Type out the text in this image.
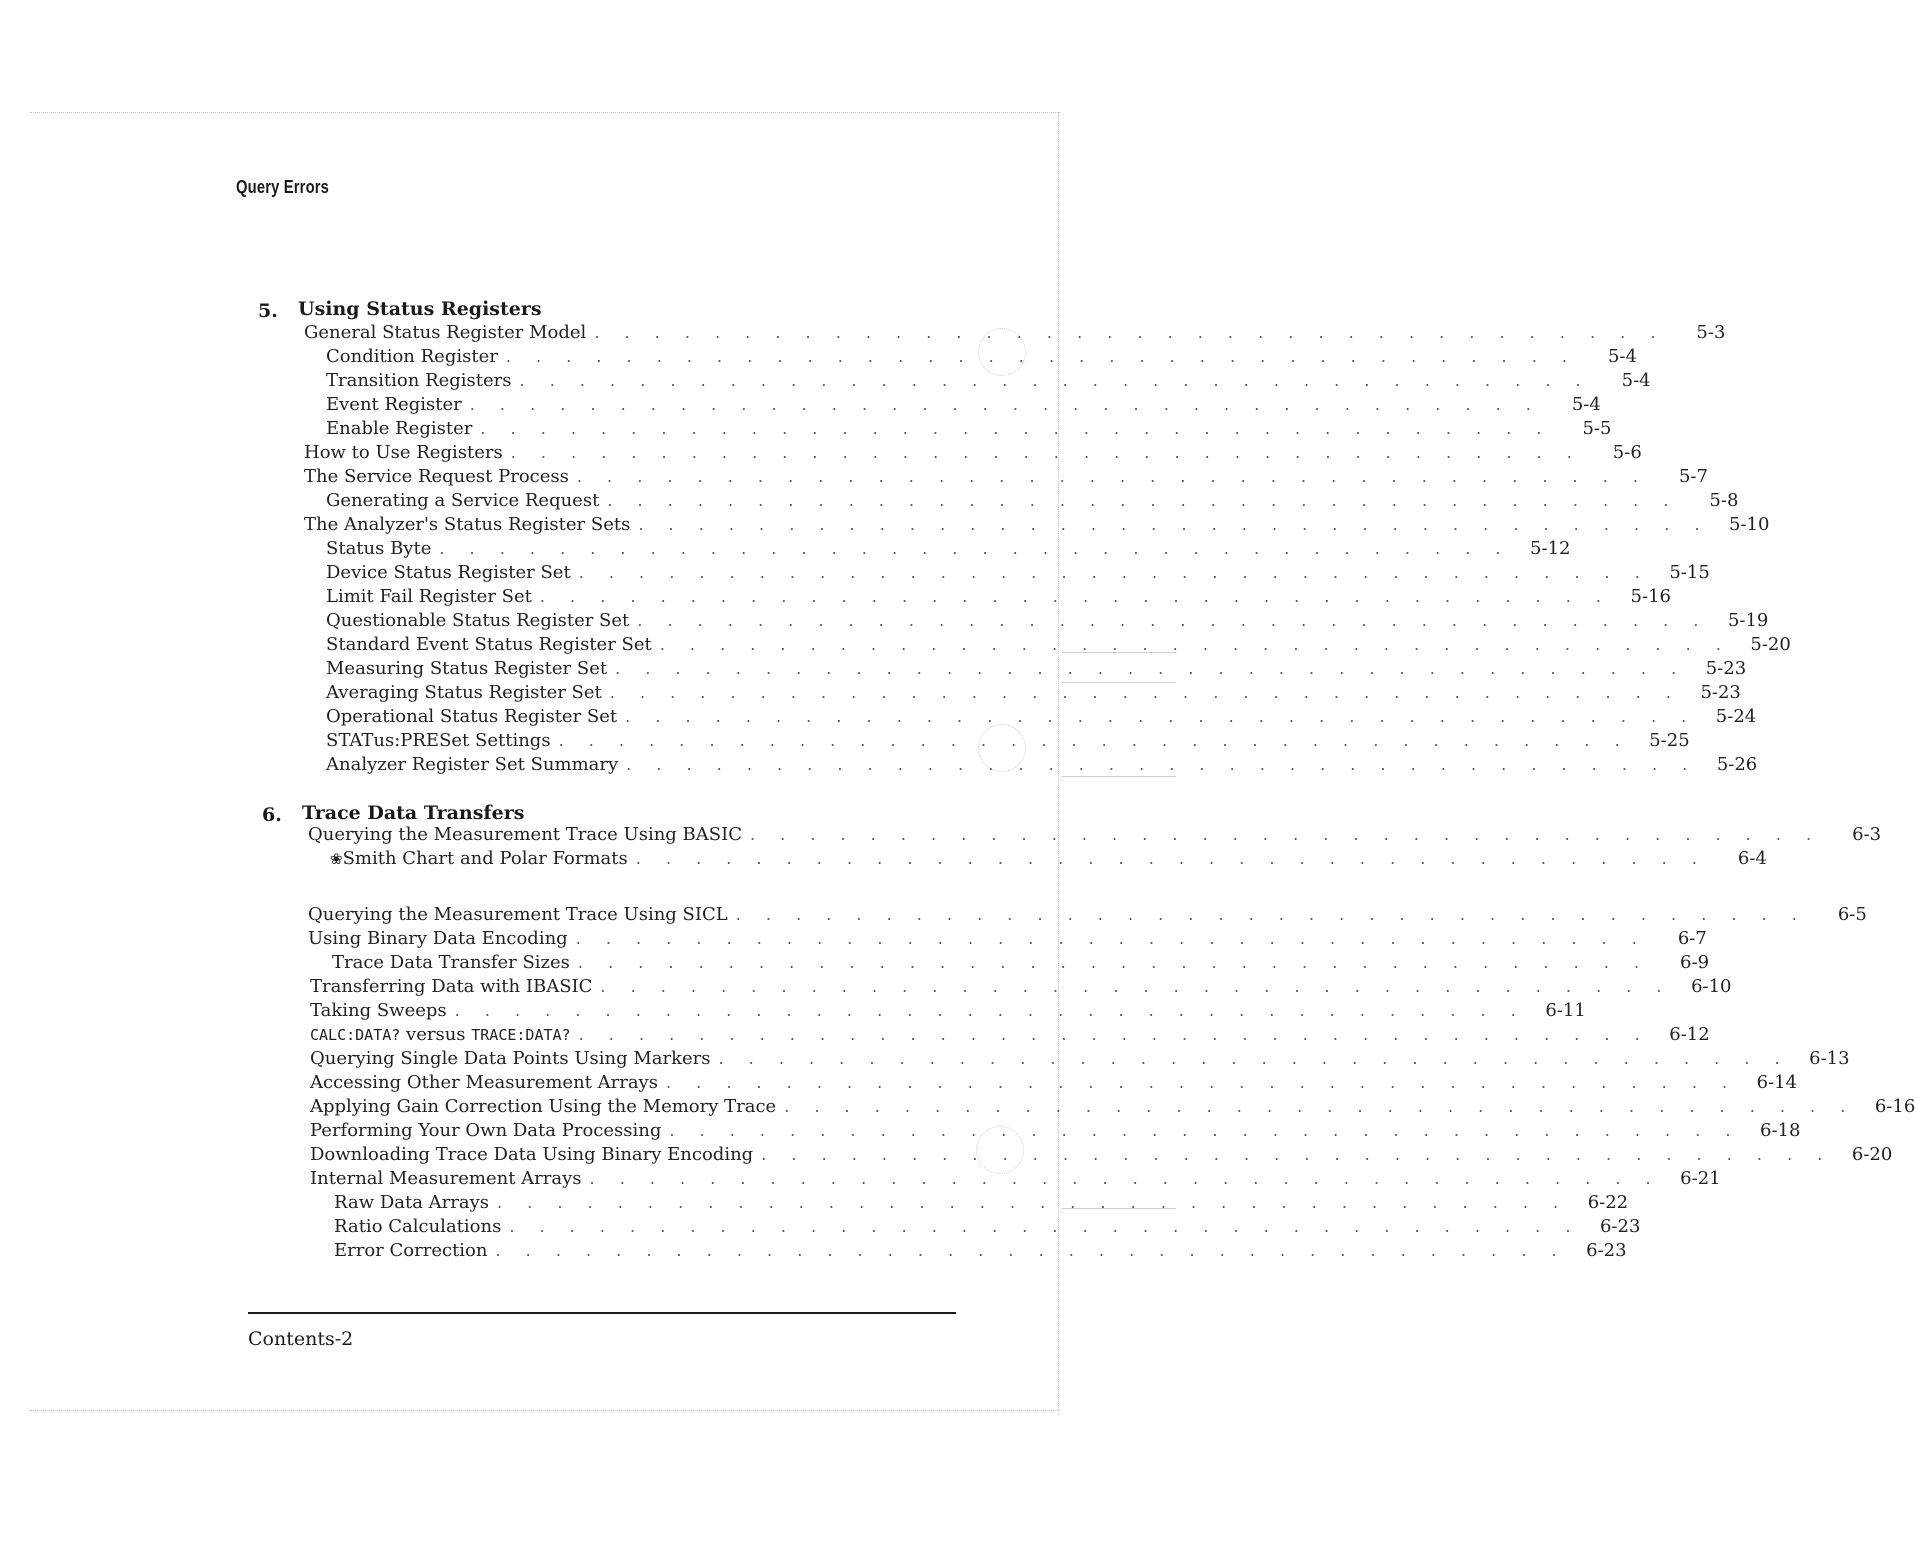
Query Errors
5. Using Status Registers
General Status Register Model . . . . . . . . . . . . . . . . . . . . . . . . . . . . . . . . . . . .	5-3
Condition Register . . . . . . . . . . . . . . . . . . . . . . . . . . . . . . . . . . . .	5-4
Transition Registers . . . . . . . . . . . . . . . . . . . . . . . . . . . . . . . . . . . .	5-4
Event Register . . . . . . . . . . . . . . . . . . . . . . . . . . . . . . . . . . . .	5-4
Enable Register . . . . . . . . . . . . . . . . . . . . . . . . . . . . . . . . . . . .	5-5
How to Use Registers . . . . . . . . . . . . . . . . . . . . . . . . . . . . . . . . . . . .	5-6
The Service Request Process . . . . . . . . . . . . . . . . . . . . . . . . . . . . . . . . . . . .	5-7
Generating a Service Request . . . . . . . . . . . . . . . . . . . . . . . . . . . . . . . . . . . .	5-8
The Analyzer's Status Register Sets . . . . . . . . . . . . . . . . . . . . . . . . . . . . . . . . . . . .	5-10
Status Byte . . . . . . . . . . . . . . . . . . . . . . . . . . . . . . . . . . . .	5-12
Device Status Register Set . . . . . . . . . . . . . . . . . . . . . . . . . . . . . . . . . . . .	5-15
Limit Fail Register Set . . . . . . . . . . . . . . . . . . . . . . . . . . . . . . . . . . . .	5-16
Questionable Status Register Set . . . . . . . . . . . . . . . . . . . . . . . . . . . . . . . . . . . .	5-19
Standard Event Status Register Set . . . . . . . . . . . . . . . . . . . . . . . . . . . . . . . . . . . .	5-20
Measuring Status Register Set . . . . . . . . . . . . . . . . . . . . . . . . . . . . . . . . . . . .	5-23
Averaging Status Register Set . . . . . . . . . . . . . . . . . . . . . . . . . . . . . . . . . . . .	5-23
Operational Status Register Set . . . . . . . . . . . . . . . . . . . . . . . . . . . . . . . . . . . .	5-24
STATus:PRESet Settings . . . . . . . . . . . . . . . . . . . . . . . . . . . . . . . . . . . .	5-25
Analyzer Register Set Summary . . . . . . . . . . . . . . . . . . . . . . . . . . . . . . . . . . . .	5-26
6. Trace Data Transfers
Querying the Measurement Trace Using BASIC . . . . . . . . . . . . . . . . . . . . . . . . . . . . . . . . . . . .	6-3
❀ Smith Chart and Polar Formats . . . . . . . . . . . . . . . . . . . . . . . . . . . . . . . . . . . .	6-4
Querying the Measurement Trace Using SICL . . . . . . . . . . . . . . . . . . . . . . . . . . . . . . . . . . . .	6-5
Using Binary Data Encoding . . . . . . . . . . . . . . . . . . . . . . . . . . . . . . . . . . . .	6-7
Trace Data Transfer Sizes . . . . . . . . . . . . . . . . . . . . . . . . . . . . . . . . . . . .	6-9
Transferring Data with IBASIC . . . . . . . . . . . . . . . . . . . . . . . . . . . . . . . . . . . .	6-10
Taking Sweeps . . . . . . . . . . . . . . . . . . . . . . . . . . . . . . . . . . . .	6-11
CALC:DATA? versus TRACE:DATA? . . . . . . . . . . . . . . . . . . . . . . . . . . . . . . . . . . . .	6-12
Querying Single Data Points Using Markers . . . . . . . . . . . . . . . . . . . . . . . . . . . . . . . . . . . .	6-13
Accessing Other Measurement Arrays . . . . . . . . . . . . . . . . . . . . . . . . . . . . . . . . . . . .	6-14
Applying Gain Correction Using the Memory Trace . . . . . . . . . . . . . . . . . . . . . . . . . . . . . . . . . . . .	6-16
Performing Your Own Data Processing . . . . . . . . . . . . . . . . . . . . . . . . . . . . . . . . . . . .	6-18
Downloading Trace Data Using Binary Encoding . . . . . . . . . . . . . . . . . . . . . . . . . . . . . . . . . . . .	6-20
Internal Measurement Arrays . . . . . . . . . . . . . . . . . . . . . . . . . . . . . . . . . . . .	6-21
Raw Data Arrays . . . . . . . . . . . . . . . . . . . . . . . . . . . . . . . . . . . .	6-22
Ratio Calculations . . . . . . . . . . . . . . . . . . . . . . . . . . . . . . . . . . . .	6-23
Error Correction . . . . . . . . . . . . . . . . . . . . . . . . . . . . . . . . . . . .	6-23
Contents-2
